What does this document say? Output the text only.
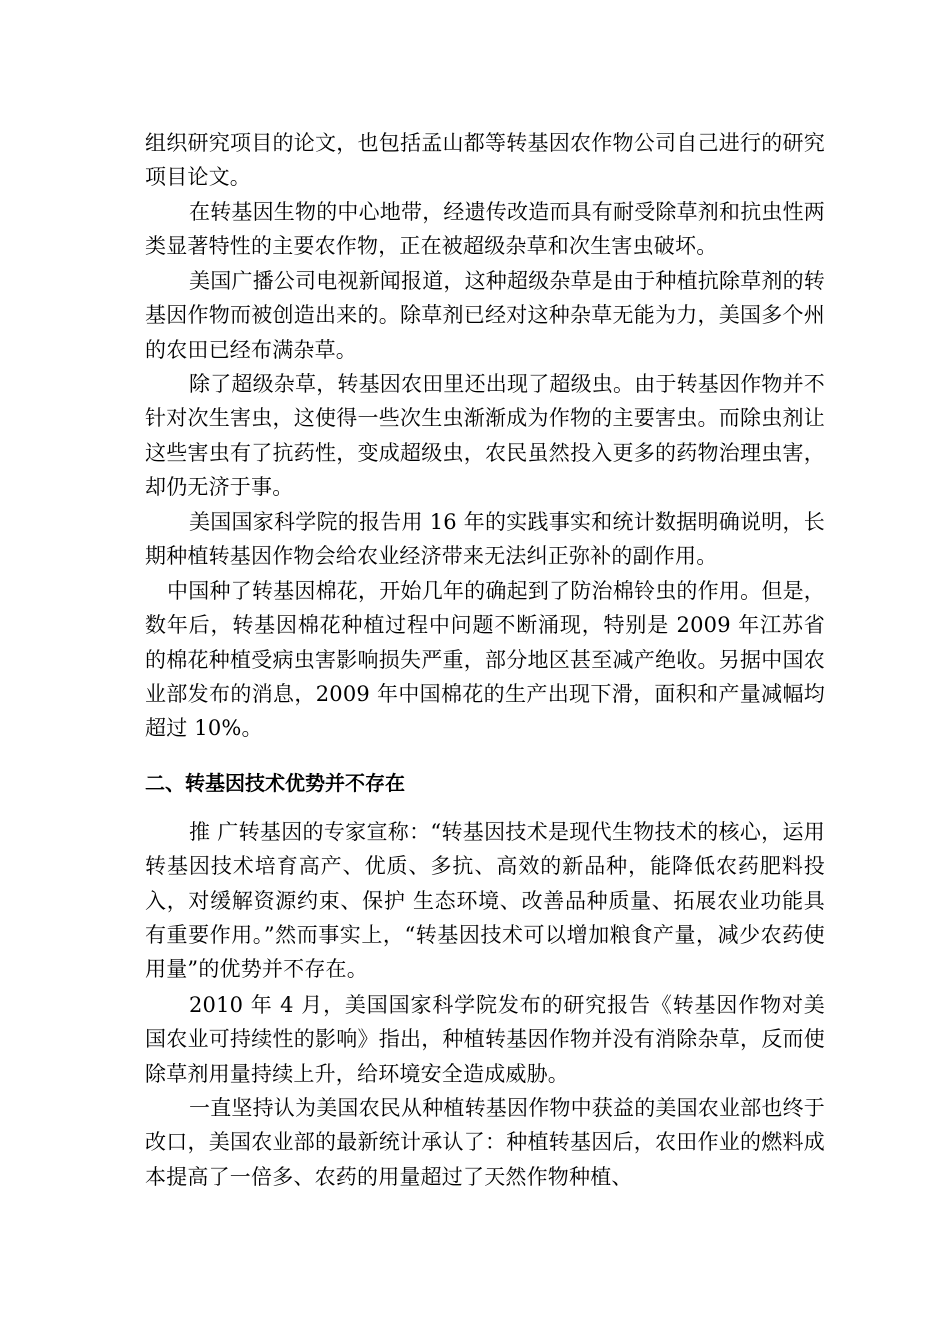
组织研究项目的论文，也包括孟山都等转基因农作物公司自己进行的研究项目论文。

在转基因生物的中心地带，经遗传改造而具有耐受除草剂和抗虫性两类显著特性的主要农作物，正在被超级杂草和次生害虫破坏。

美国广播公司电视新闻报道，这种超级杂草是由于种植抗除草剂的转基因作物而被创造出来的。除草剂已经对这种杂草无能为力，美国多个州的农田已经布满杂草。

除了超级杂草，转基因农田里还出现了超级虫。由于转基因作物并不针对次生害虫，这使得一些次生虫渐渐成为作物的主要害虫。而除虫剂让这些害虫有了抗药性，变成超级虫，农民虽然投入更多的药物治理虫害，却仍无济于事。

美国国家科学院的报告用 16 年的实践事实和统计数据明确说明，长期种植转基因作物会给农业经济带来无法纠正弥补的副作用。

中国种了转基因棉花，开始几年的确起到了防治棉铃虫的作用。但是，数年后，转基因棉花种植过程中问题不断涌现，特别是 2009 年江苏省的棉花种植受病虫害影响损失严重，部分地区甚至减产绝收。另据中国农业部发布的消息，2009 年中国棉花的生产出现下滑，面积和产量减幅均超过 10%。

二、转基因技术优势并不存在

推 广转基因的专家宣称：“转基因技术是现代生物技术的核心，运用转基因技术培育高产、优质、多抗、高效的新品种，能降低农药肥料投入，对缓解资源约束、保护 生态环境、改善品种质量、拓展农业功能具有重要作用。”然而事实上，“转基因技术可以增加粮食产量，减少农药使用量”的优势并不存在。

2010 年 4 月，美国国家科学院发布的研究报告《转基因作物对美国农业可持续性的影响》指出，种植转基因作物并没有消除杂草，反而使除草剂用量持续上升，给环境安全造成威胁。

一直坚持认为美国农民从种植转基因作物中获益的美国农业部也终于改口，美国农业部的最新统计承认了：种植转基因后，农田作业的燃料成本提高了一倍多、农药的用量超过了天然作物种植、
